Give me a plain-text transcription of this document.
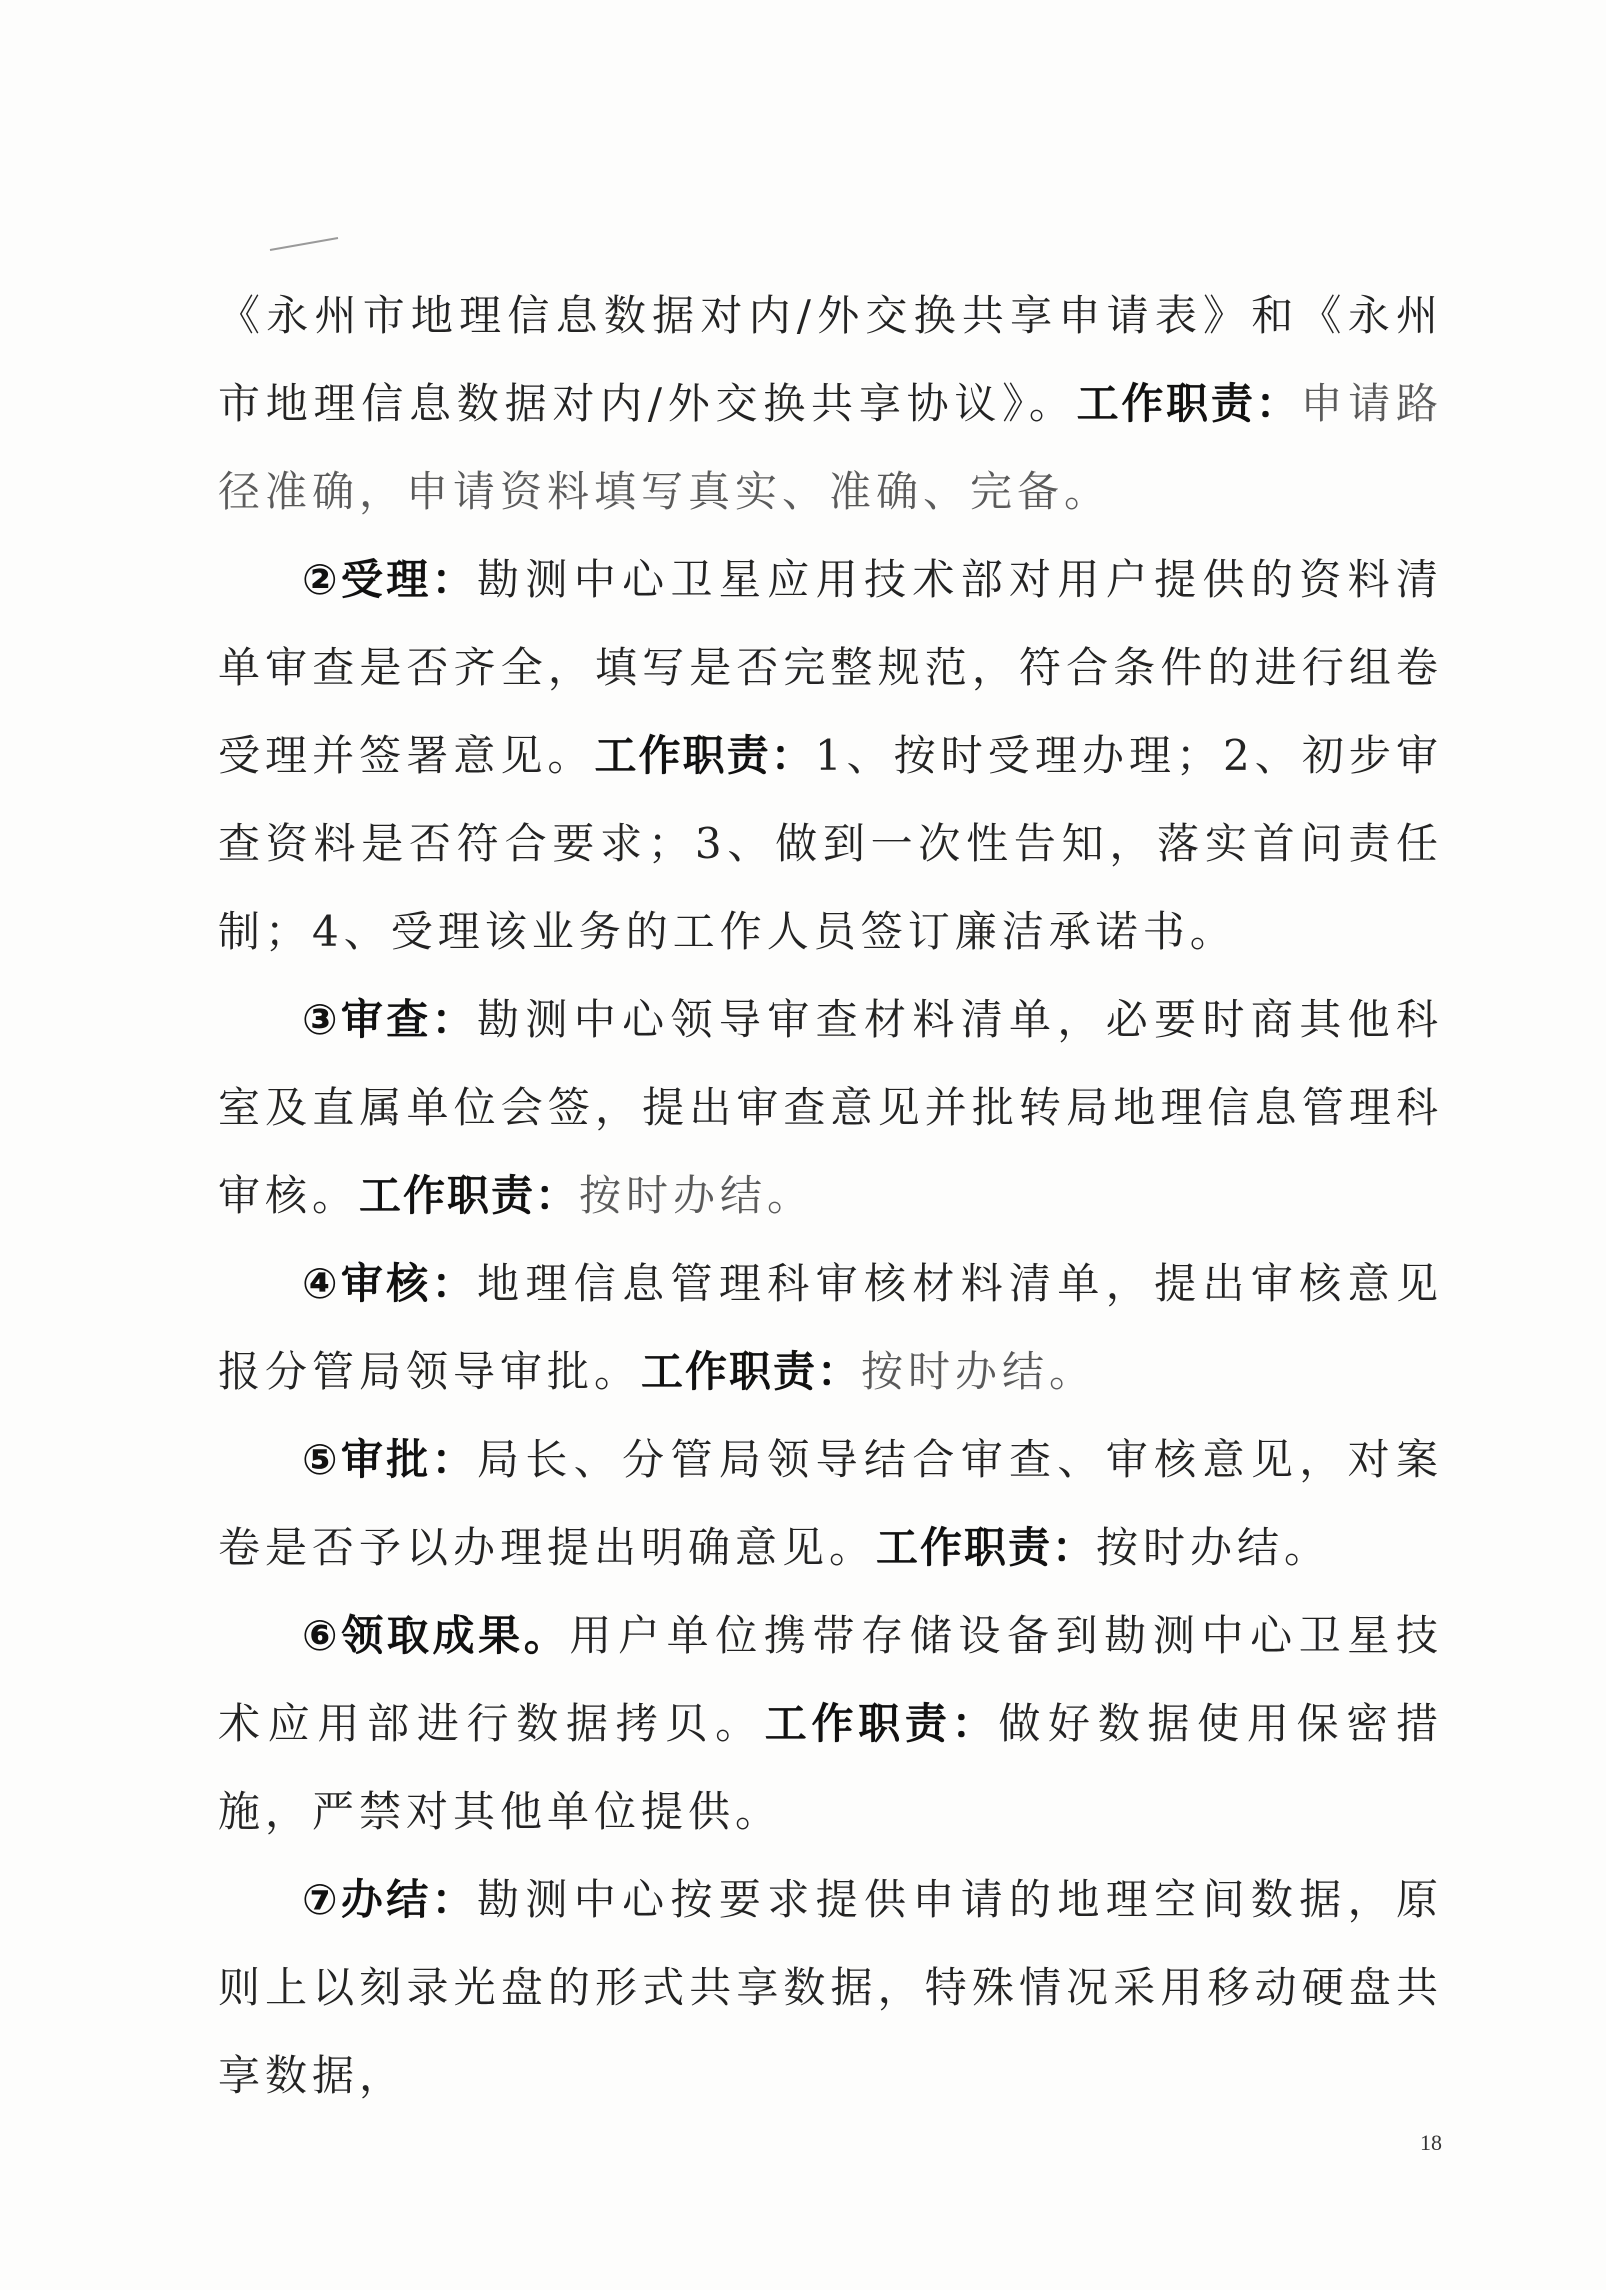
《永州市地理信息数据对内/外交换共享申请表》和《永州市地理信息数据对内/外交换共享协议》。工作职责：申请路径准确，申请资料填写真实、准确、完备。

②受理：勘测中心卫星应用技术部对用户提供的资料清单审查是否齐全，填写是否完整规范，符合条件的进行组卷受理并签署意见。工作职责：1、按时受理办理；2、初步审查资料是否符合要求；3、做到一次性告知，落实首问责任制；4、受理该业务的工作人员签订廉洁承诺书。

③审查：勘测中心领导审查材料清单，必要时商其他科室及直属单位会签，提出审查意见并批转局地理信息管理科审核。工作职责：按时办结。

④审核：地理信息管理科审核材料清单，提出审核意见报分管局领导审批。工作职责：按时办结。

⑤审批：局长、分管局领导结合审查、审核意见，对案卷是否予以办理提出明确意见。工作职责：按时办结。

⑥领取成果。用户单位携带存储设备到勘测中心卫星技术应用部进行数据拷贝。工作职责：做好数据使用保密措施，严禁对其他单位提供。

⑦办结：勘测中心按要求提供申请的地理空间数据，原则上以刻录光盘的形式共享数据，特殊情况采用移动硬盘共享数据，

18
